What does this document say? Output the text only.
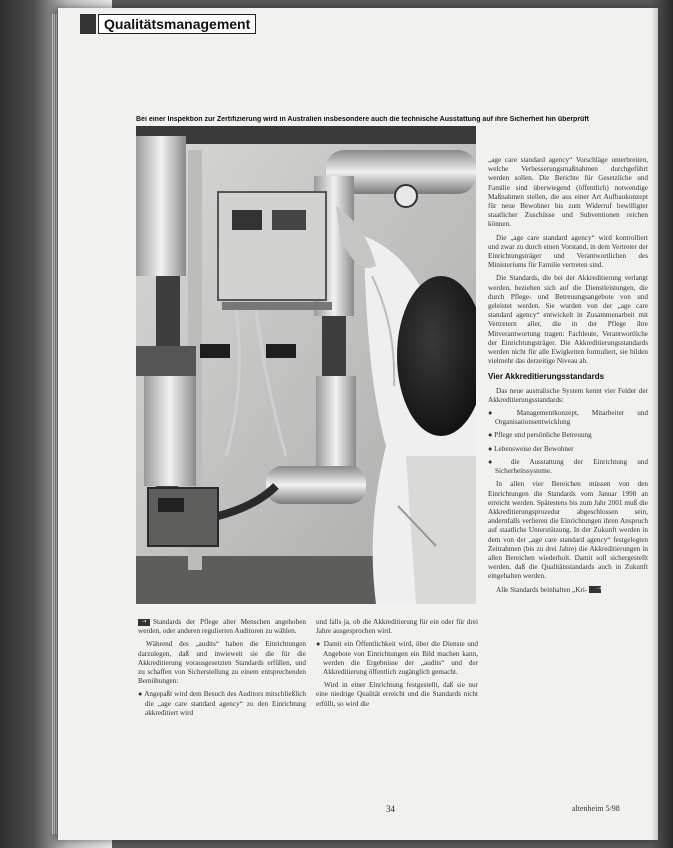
Qualitätsmanagement
Bei einer Inspektion zur Zertifizierung wird in Australien insbesondere auch die technische Ausstattung auf ihre Sicherheit hin überprüft

„age care standard agency“ Vorschläge unterbreiten, welche Verbesserungsmaßnahmen durchgeführt werden sollen. Die Berichte für Gesetzliche und Familie sind überwiegend (öffentlich) notwendige Maßnahmen stellen, die aus einer Art Aufbaukonzept für neue Bewohner bis zum Widerruf bewilligter staatlicher Zuschüsse und Subventionen reichen können.

Die „age care standard agency“ wird kontrolliert und zwar zu durch einen Vorstand, in dem Vertreter der Einrichtungsträger und Verantwortlichen des Ministeriums für Familie vertreten sind.

Die Standards, die bei der Akkreditierung verlangt werden, beziehen sich auf die Dienstleistungen, die durch Pflege- und Betreuungsangebote von und geleistet werden. Sie wurden von der „age care standard agency“ entwickelt in Zusammenarbeit mit Vertretern aller, die in der Pflege ihre Mitverantwortung tragen: Fachleute, Verantwortliche der Einrichtungsträger. Die Akkreditierungsstandards werden nicht für alle Ewigkeiten formuliert, sie bilden vielmehr das derzeitige Niveau ab.

Vier Akkreditierungsstandards

Das neue australische System kennt vier Felder der Akkreditierungsstandards:

● Managementkonzept, Mitarbeiter und Organisationsentwicklung

● Pflege und persönliche Betreuung

● Lebensweise der Bewohner

● die Ausstattung der Einrichtung und Sicherheitssysteme.

In allen vier Bereichen müssen von den Einrichtungen die Standards vom Januar 1998 an erreicht werden. Spätestens bis zum Jahr 2001 muß die Akkreditierungsprozedur abgeschlossen sein, andernfalls verlieren die Einrichtungen ihren Anspruch auf staatliche Unterstützung. In der Zukunft werden in dem von der „age care standard agency“ festgelegten Zeitrahmen (bis zu drei Jahre) die Akkreditierungen in allen Bereichen wiederholt. Damit soll sichergestellt werden, daß die Qualitätsstandards auch in Zukunft eingehalten werden.

Alle Standards beinhalten „Kri- ⇢

⇢ Standards der Pflege alter Menschen angehoben werden, oder anderen regulierten Auditoren zu wählen.

Während des „audits“ haben die Einrichtungen darzulegen, daß und inwieweit sie die für die Akkreditierung vorausgesetzten Standards erfüllen, und zu schaffen von Sicherstellung zu einem entsprechenden Bemühungen:

● Angepaßt wird dem Besuch des Auditors mitschließlich die „age care standard agency“ zu den Einrichtung akkreditiert wird

und falls ja, ob die Akkreditierung für ein oder für drei Jahre ausgesprochen wird.

● Damit ein Öffentlichkeit wird, über die Dienste und Angebote von Einrichtungen ein Bild machen kann, werden die Ergebnisse der „audits“ und der Akkreditierung öffentlich zugänglich gemacht.

Wird in einer Einrichtung festgestellt, daß sie nur eine niedrige Qualität erreicht und die Standards nicht erfüllt, so wird die

34	altenheim 5/98
